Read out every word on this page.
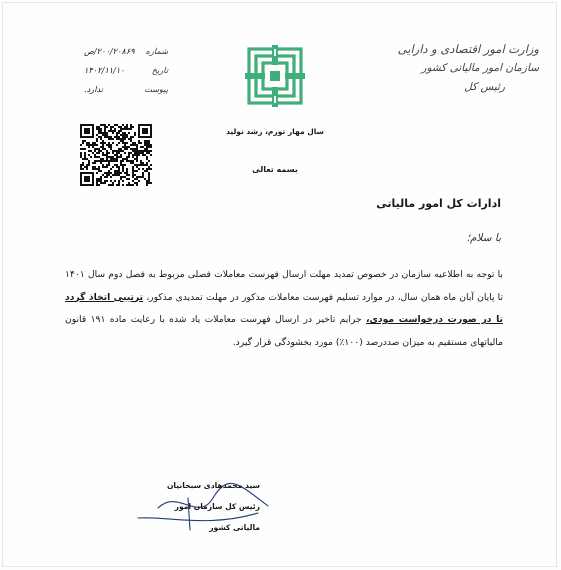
وزارت امور اقتصادی و دارایی
سازمان امور مالیاتی کشور
رئیس کل
سال مهار تورم، رشد تولید
شماره
۲۰۰/۲۰۸۶۹/ص
تاریخ
۱۴۰۲/۱۱/۱۰
پیوست
ندارد.
بسمه تعالی
ادارات کل امور مالیاتی
با سلام؛
با توجه به اطلاعیه سازمان در خصوص تمدید مهلت ارسال فهرست معاملات فصلی مربوط به فصل دوم سال ۱۴۰۱ تا پایان آبان ماه همان سال، در موارد تسلیم فهرست معاملات مذکور در مهلت تمدیدی مذکور، ترتیبی اتخاذ گردد تا در صورت درخواست مودی، جرایم تاخیر در ارسال فهرست معاملات یاد شده با رعایت ماده ۱۹۱ قانون مالیاتهای مستقیم به میزان صددرصد (۱۰۰٪) مورد بخشودگی قرار گیرد.
سید محمدهادی سبحانیان
رئیس کل سازمان امور مالیاتی کشور
